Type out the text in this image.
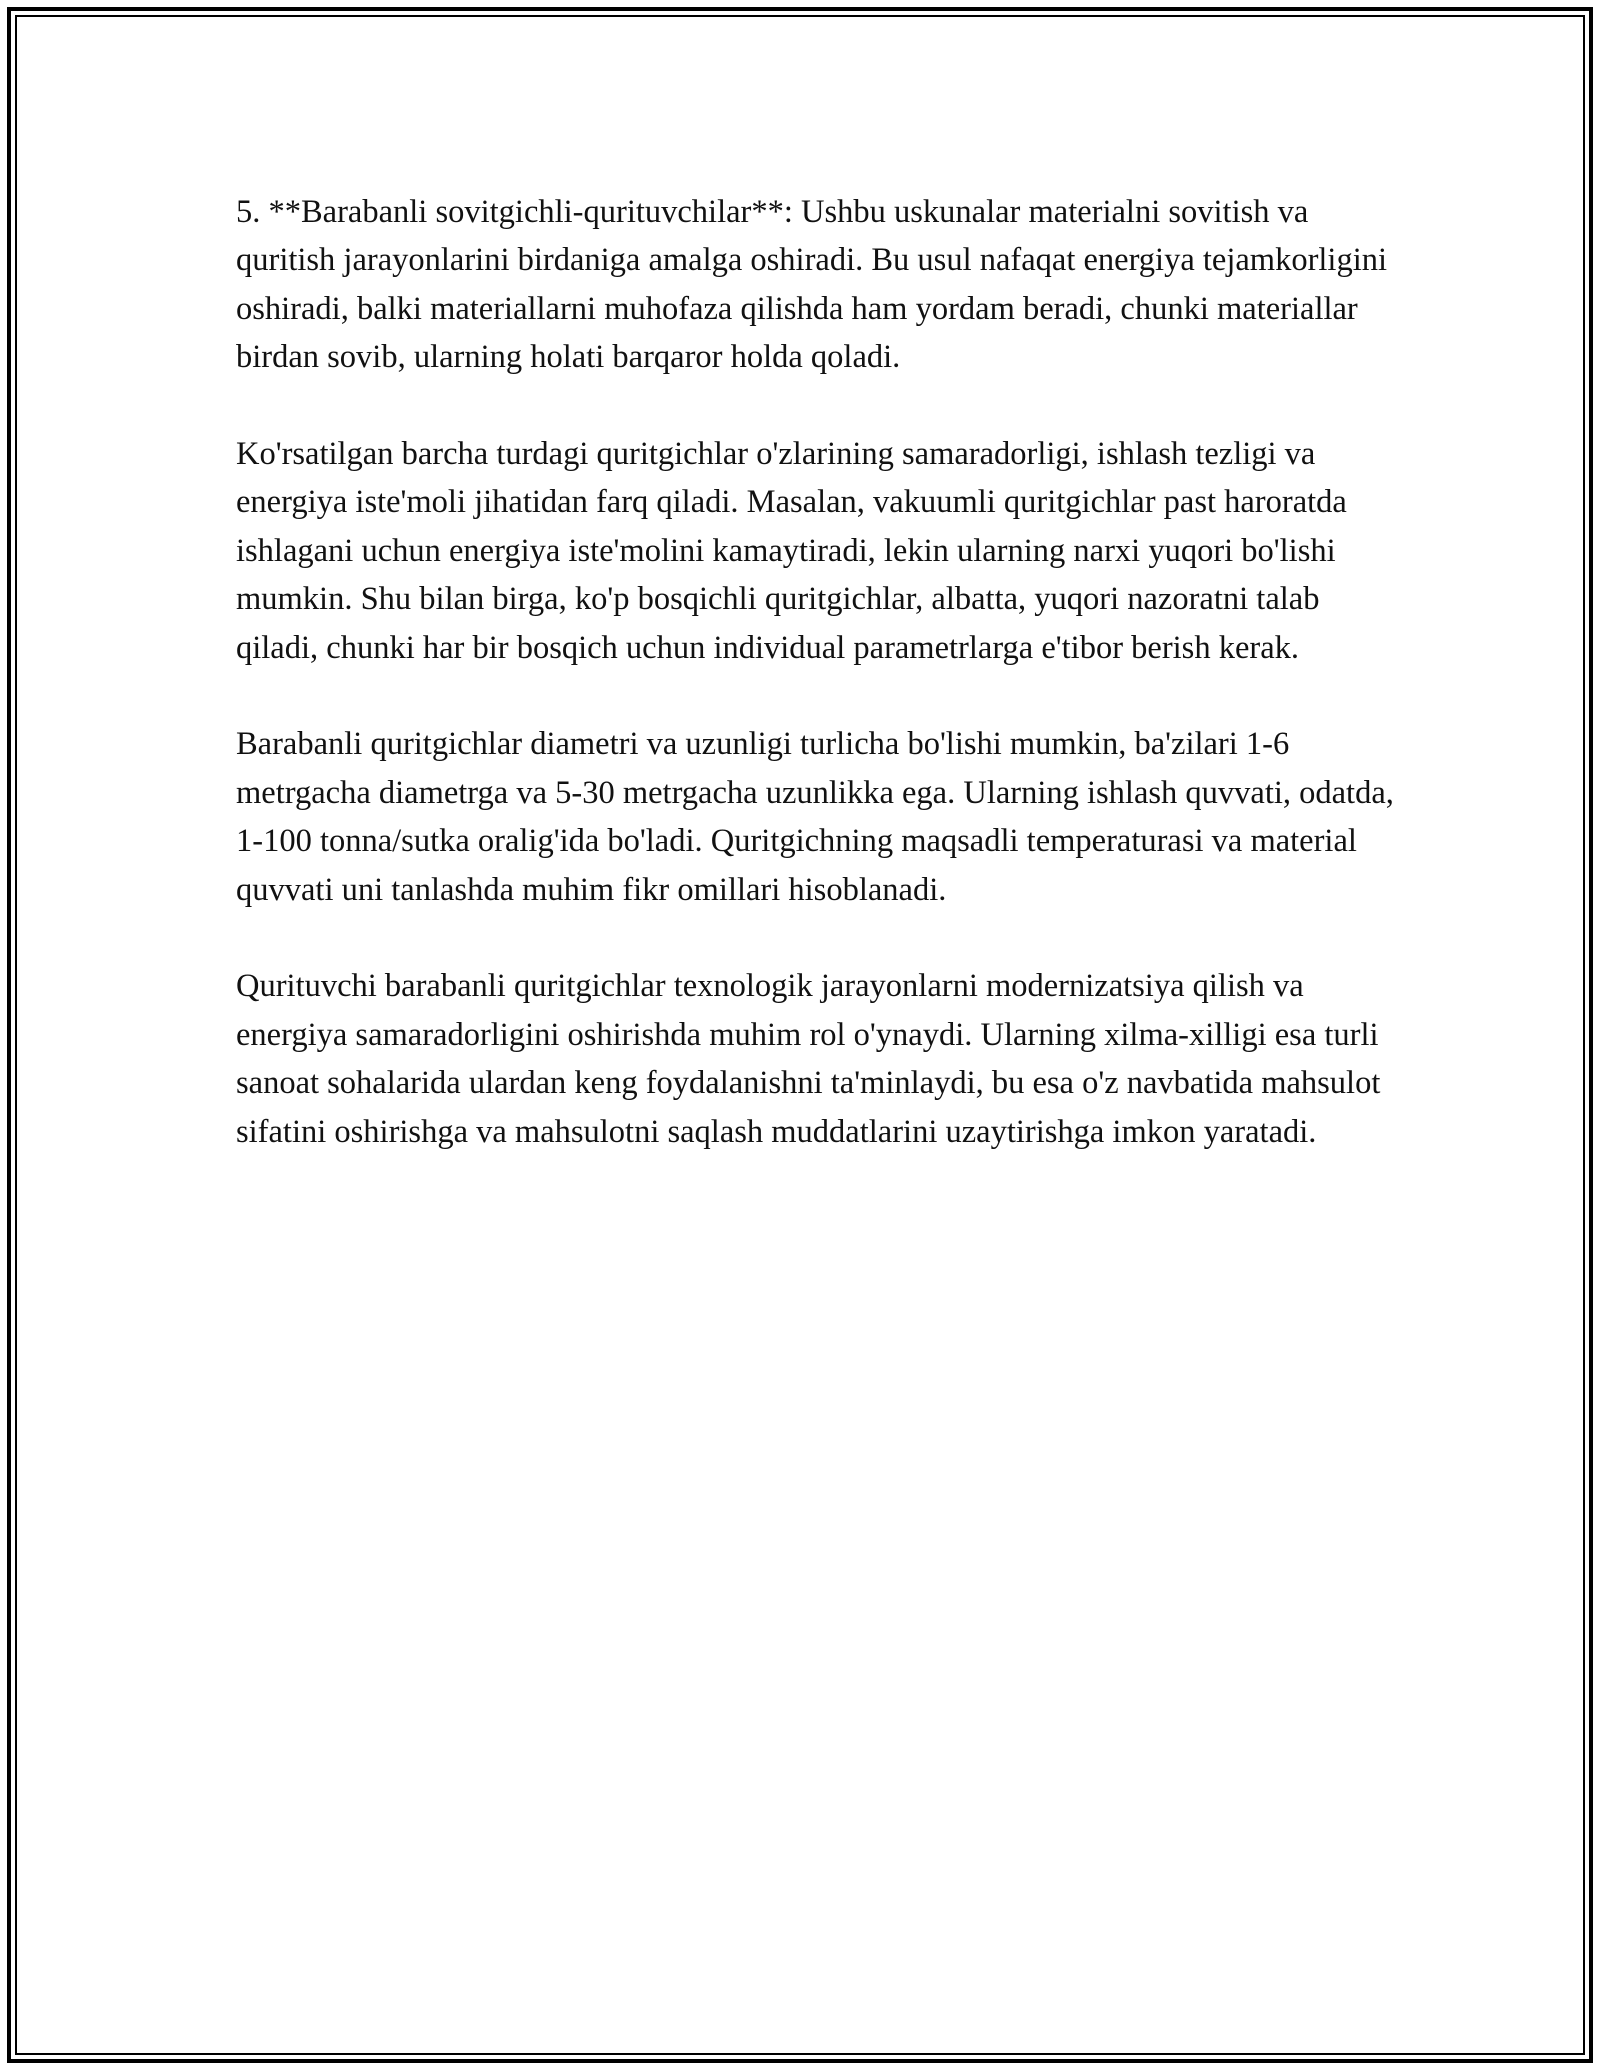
5. **Barabanli sovitgichli-qurituvchilar**: Ushbu uskunalar materialni sovitish va quritish jarayonlarini birdaniga amalga oshiradi. Bu usul nafaqat energiya tejamkorligini oshiradi, balki materiallarni muhofaza qilishda ham yordam beradi, chunki materiallar birdan sovib, ularning holati barqaror holda qoladi.

Ko'rsatilgan barcha turdagi quritgichlar o'zlarining samaradorligi, ishlash tezligi va energiya iste'moli jihatidan farq qiladi. Masalan, vakuumli quritgichlar past haroratda ishlagani uchun energiya iste'molini kamaytiradi, lekin ularning narxi yuqori bo'lishi mumkin. Shu bilan birga, ko'p bosqichli quritgichlar, albatta, yuqori nazoratni talab qiladi, chunki har bir bosqich uchun individual parametrlarga e'tibor berish kerak.

Barabanli quritgichlar diametri va uzunligi turlicha bo'lishi mumkin, ba'zilari 1-6 metrgacha diametrga va 5-30 metrgacha uzunlikka ega. Ularning ishlash quvvati, odatda, 1-100 tonna/sutka oralig'ida bo'ladi. Quritgichning maqsadli temperaturasi va material quvvati uni tanlashda muhim fikr omillari hisoblanadi.

Qurituvchi barabanli quritgichlar texnologik jarayonlarni modernizatsiya qilish va energiya samaradorligini oshirishda muhim rol o'ynaydi. Ularning xilma-xilligi esa turli sanoat sohalarida ulardan keng foydalanishni ta'minlaydi, bu esa o'z navbatida mahsulot sifatini oshirishga va mahsulotni saqlash muddatlarini uzaytirishga imkon yaratadi.
